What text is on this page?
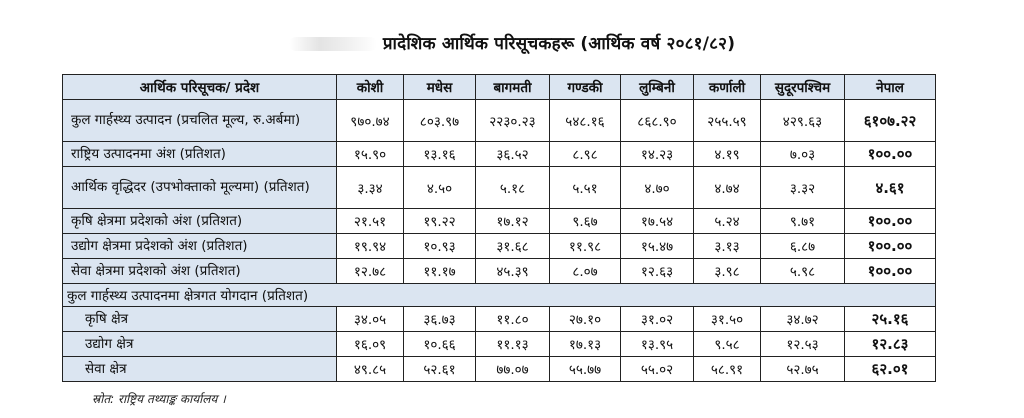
प्रादेशिक आर्थिक परिसूचकहरू (आर्थिक वर्ष २०८१/८२)
आर्थिक परिसूचक/ प्रदेश	कोशी	मधेस	बागमती	गण्डकी	लुम्बिनी	कर्णाली	सुदूरपश्चिम	नेपाल
कुल गार्हस्थ्य उत्पादन (प्रचलित मूल्य, रु.अर्बमा)	९७०.७४	८०३.९७	२२३०.२३	५४८.१६	८६८.९०	२५५.५९	४२९.६३	६१०७.२२
राष्ट्रिय उत्पादनमा अंश (प्रतिशत)	१५.९०	१३.१६	३६.५२	८.९८	१४.२३	४.१९	७.०३	१००.००
आर्थिक वृद्धिदर (उपभोक्ताको मूल्यमा) (प्रतिशत)	३.३४	४.५०	५.१८	५.५१	४.७०	४.७४	३.३२	४.६१
कृषि क्षेत्रमा प्रदेशको अंश (प्रतिशत)	२१.५१	१९.२२	१७.१२	९.६७	१७.५४	५.२४	९.७१	१००.००
उद्योग क्षेत्रमा प्रदेशको अंश (प्रतिशत)	१९.९४	१०.९३	३१.६८	११.९८	१५.४७	३.१३	६.८७	१००.००
सेवा क्षेत्रमा प्रदेशको अंश (प्रतिशत)	१२.७८	११.१७	४५.३९	८.०७	१२.६३	३.९८	५.९८	१००.००
कुल गार्हस्थ्य उत्पादनमा क्षेत्रगत योगदान (प्रतिशत)								
कृषि क्षेत्र	३४.०५	३६.७३	११.८०	२७.१०	३१.०२	३१.५०	३४.७२	२५.१६
उद्योग क्षेत्र	१६.०९	१०.६६	११.१३	१७.१३	१३.९५	९.५८	१२.५३	१२.८३
सेवा क्षेत्र	४९.८५	५२.६१	७७.०७	५५.७७	५५.०२	५८.९१	५२.७५	६२.०१
स्रोत: राष्ट्रिय तथ्याङ्क कार्यालय ।
